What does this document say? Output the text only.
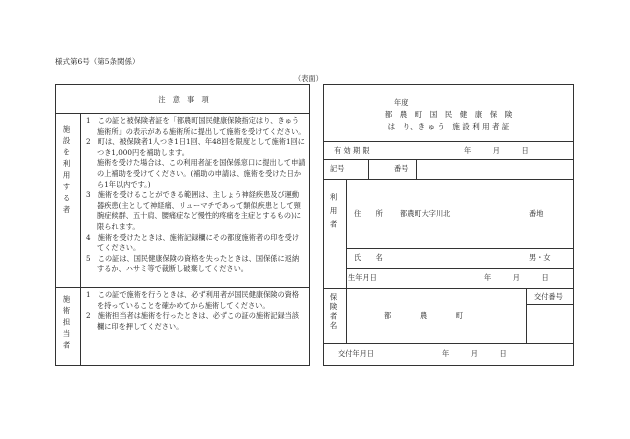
様式第6号（第5条関係）
（表面）
注　意　事　項
施設を利用する者
1　この証と被保険者証を「都農町国民健康保険指定はり、きゅう施術所」の表示がある施術所に提出して施術を受けてください。
2　町は、被保険者1人つき1日1回、年48回を限度として施術1回につき1,000円を補助します。
施術を受けた場合は、この利用者証を国保係窓口に提出して申請の上補助を受けてください。(補助の申請は、施術を受けた日から1年以内です。)
3　施術を受けることができる範囲は、主しょう神経疾患及び運動器疾患(主として神経痛、リューマチであって類似疾患として頸腕症候群、五十肩、腰痛症など慢性的疼痛を主症とするもの)に限られます。
4　施術を受けたときは、施術記録欄にその都度施術者の印を受けてください。
5　この証は、国民健康保険の資格を失ったときは、国保係に返納するか、ハサミ等で裁断し破棄してください。
施術担当者
1　この証で施術を行うときは、必ず利用者が国民健康保険の資格を持っていることを確かめてから施術してください。
2　施術担当者は施術を行ったときは、必ずこの証の施術記録当該欄に印を押してください。
年度
都　農　町　国　民　健　康　保　険
は　り、き ゅ う　施 設 利 用 者 証
有 効 期 限	年　　　月　　　日
記号	番号
利用者 住　　所 都農町大字川北	番地
氏　　名	男・女
生年月日	年　　　月　　　日
保険者名	都　　　　農　　　　町
交付番号
交付年月日	年　　　月　　　日
